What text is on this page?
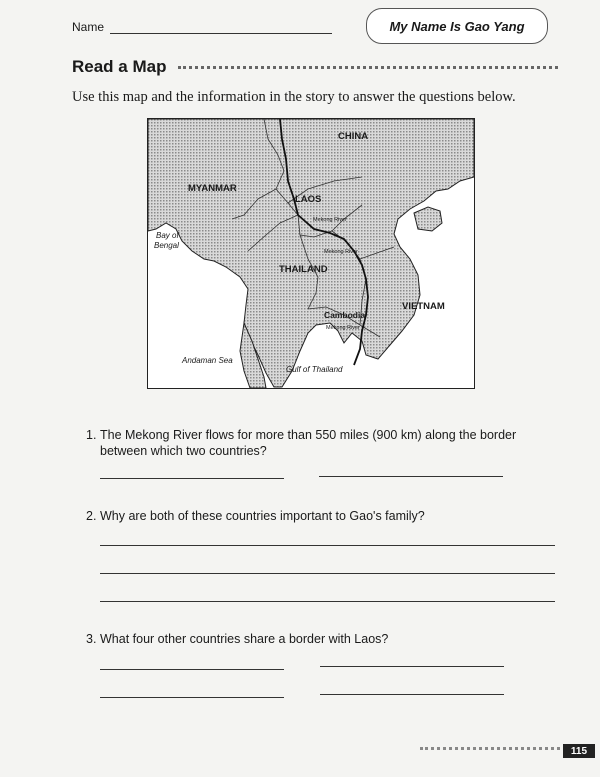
Name	My Name Is Gao Yang
Read a Map
Use this map and the information in the story to answer the questions below.
CHINA
MYANMAR
LAOS
Mekong River
Bay of
Bengal
Mekong River
THAILAND
VIETNAM
Cambodia
Mekong River
Andaman Sea
Gulf of Thailand
1. The Mekong River flows for more than 550 miles (900 km) along the border between which two countries?
2. Why are both of these countries important to Gao's family?
3. What four other countries share a border with Laos?
115
